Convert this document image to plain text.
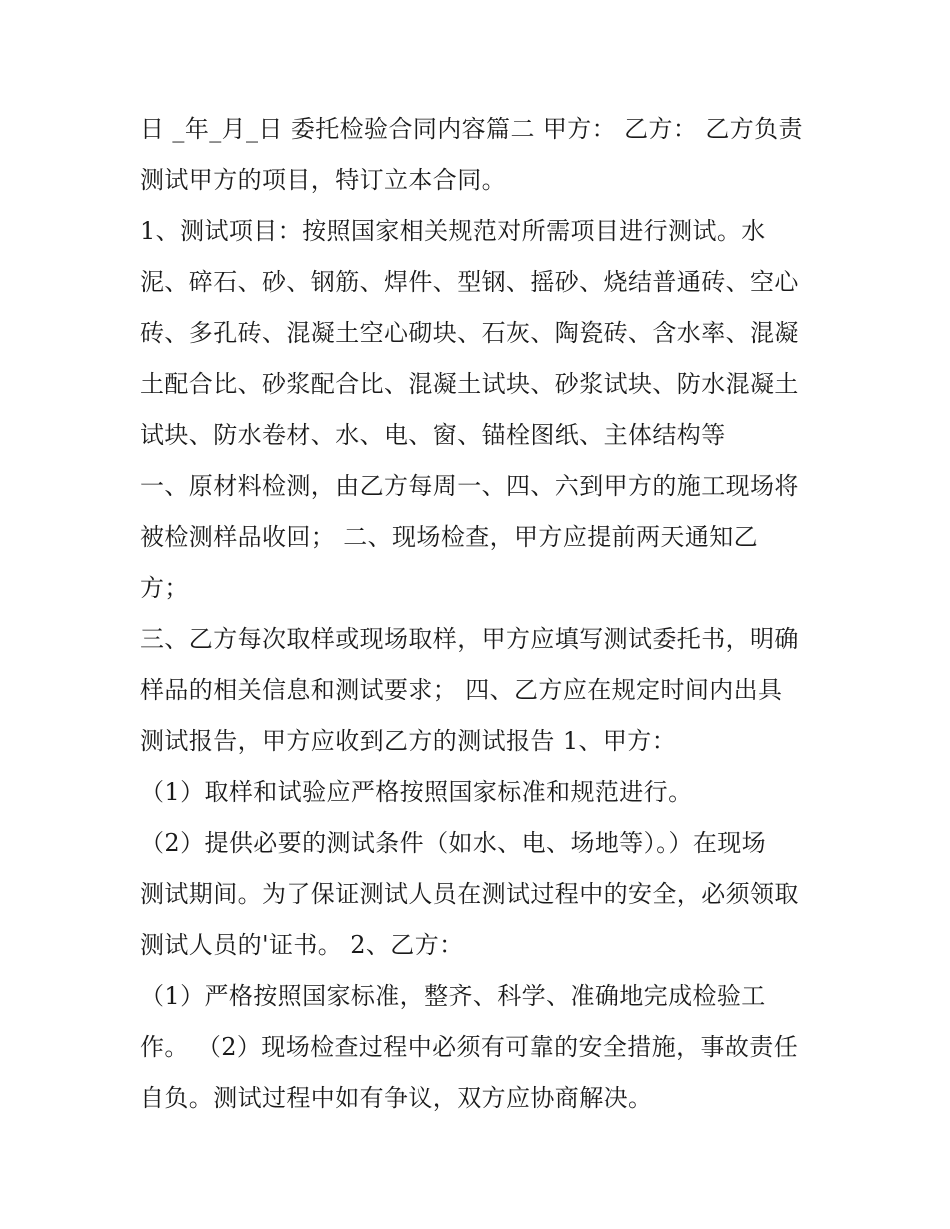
日 _年_月_日 委托检验合同内容篇二 甲方： 乙方： 乙方负责
测试甲方的项目，特订立本合同。
1、测试项目：按照国家相关规范对所需项目进行测试。水
泥、碎石、砂、钢筋、焊件、型钢、摇砂、烧结普通砖、空心
砖、多孔砖、混凝土空心砌块、石灰、陶瓷砖、含水率、混凝
土配合比、砂浆配合比、混凝土试块、砂浆试块、防水混凝土
试块、防水卷材、水、电、窗、锚栓图纸、主体结构等
一、原材料检测，由乙方每周一、四、六到甲方的施工现场将
被检测样品收回； 二、现场检查，甲方应提前两天通知乙
方；
三、乙方每次取样或现场取样，甲方应填写测试委托书，明确
样品的相关信息和测试要求； 四、乙方应在规定时间内出具
测试报告，甲方应收到乙方的测试报告 1、甲方：
（1）取样和试验应严格按照国家标准和规范进行。
（2）提供必要的测试条件（如水、电、场地等）。）在现场
测试期间。为了保证测试人员在测试过程中的安全，必须领取
测试人员的'证书。 2、乙方：
（1）严格按照国家标准，整齐、科学、准确地完成检验工
作。 （2）现场检查过程中必须有可靠的安全措施，事故责任
自负。测试过程中如有争议，双方应协商解决。
